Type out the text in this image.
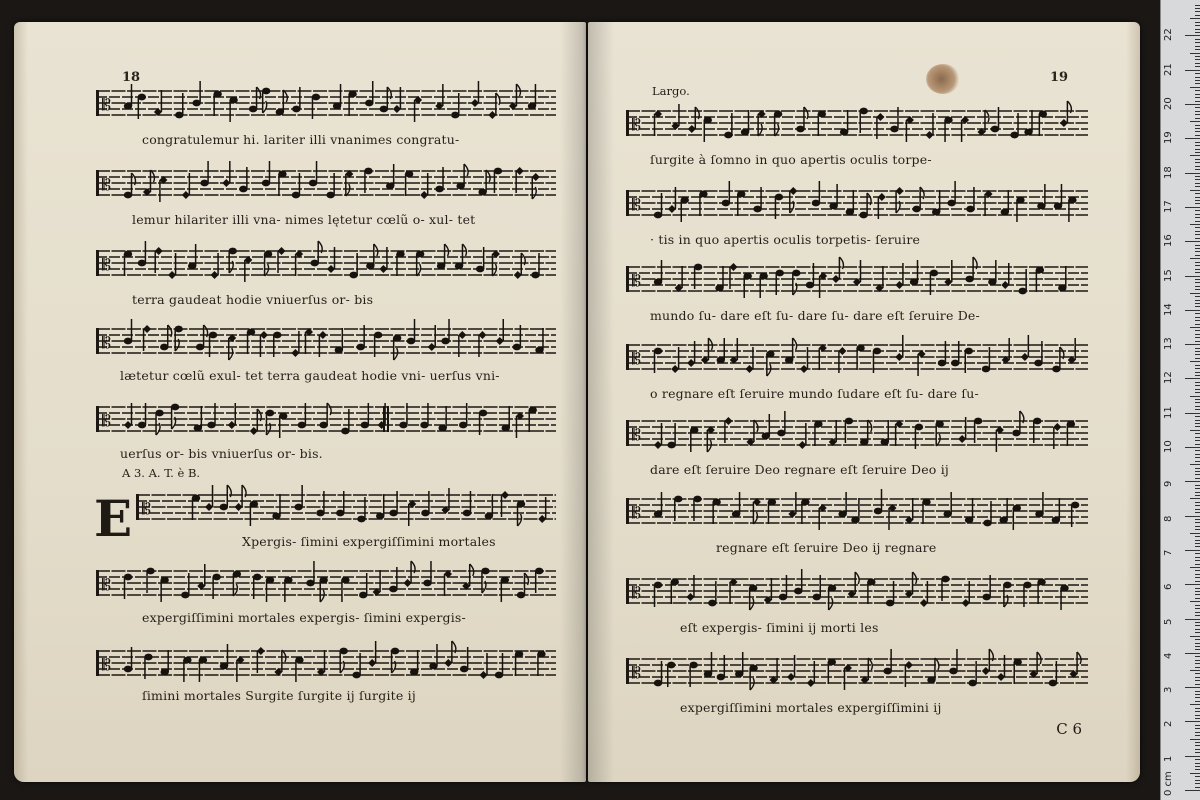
18
congratulemur hi. lariter illi vnanimes congratu-
lemur hilariter illi vna- nimes lętetur cœlũ o- xul- tet
terra gaudeat hodie vniuerſus or- bis
lætetur cœlũ exul- tet terra gaudeat hodie vni- uerſus vni-
uerſus or- bis vniuerſus or- bis.
A 3. A. T. è B.
E	Xpergis- ſimini expergiſſimini mortales
expergiſſimini mortales expergis- ſimini expergis-
ſimini mortales Surgite ſurgite ij ſurgite ij
𝄡
𝄡
𝄡
𝄡
𝄡
𝄡
𝄡
𝄡
19
Largo.
ſurgite à ſomno in quo apertis oculis torpe-
· tis in quo apertis oculis torpetis- ſeruire
mundo ſu- dare eſt ſu- dare ſu- dare eſt ſeruire De-
o regnare eſt ſeruire mundo ſudare eſt ſu- dare ſu-
dare eſt ſeruire Deo regnare eſt ſeruire Deo ij
regnare eſt ſeruire Deo ij regnare
eſt expergis- ſimini ij morti les
expergiſſimini mortales expergiſſimini ij
C 6
𝄡
𝄡
𝄡
𝄡
𝄡
𝄡
𝄡
𝄡
1
2
3
4
5
6
7
8
9
10
11
12
13
14
15
16
17
18
19
20
21
22
0 cm
